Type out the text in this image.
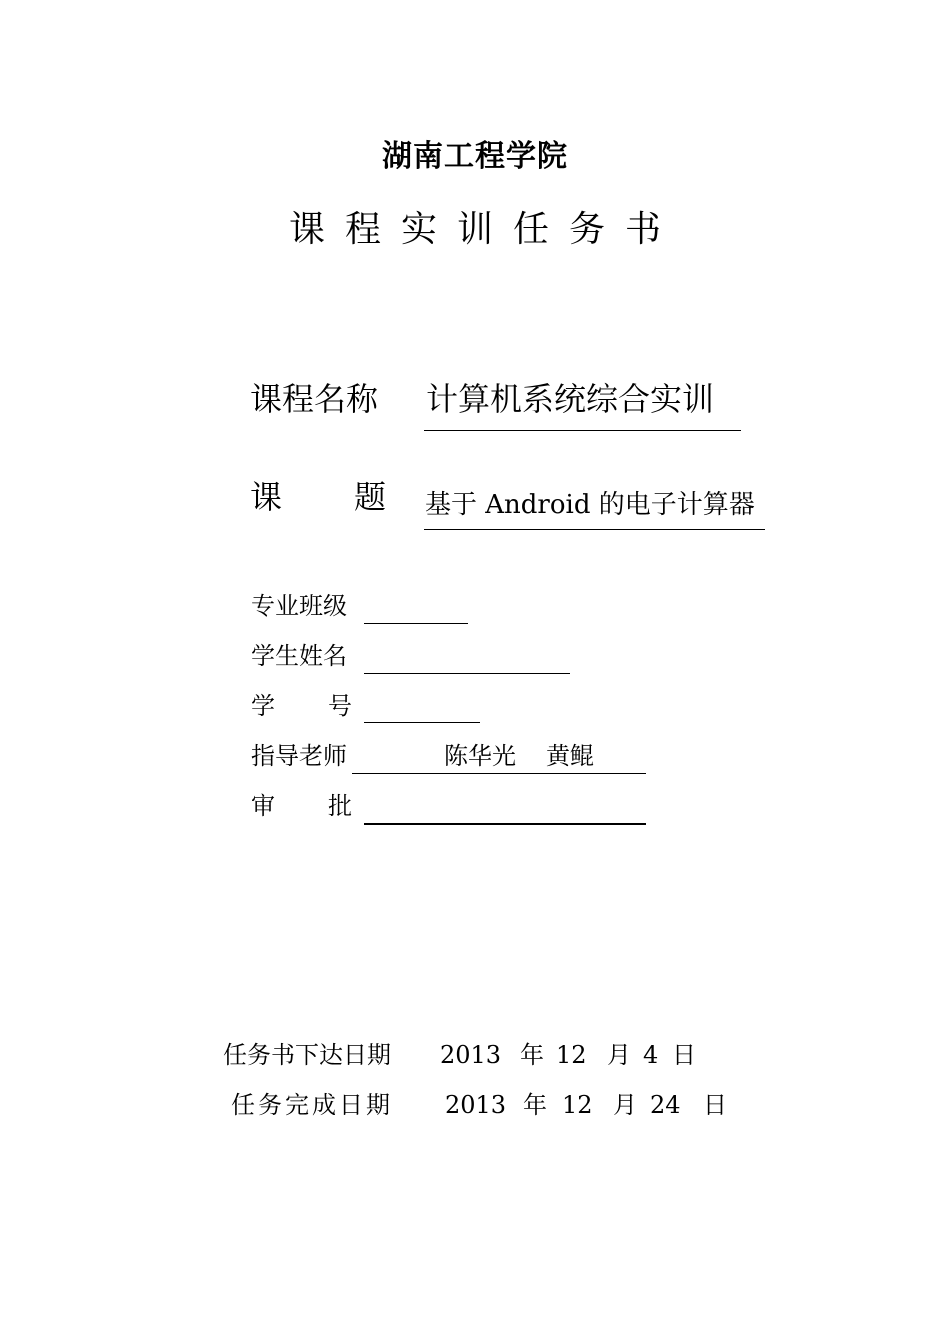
湖南工程学院
课程实训任务书
课程名称 计算机系统综合实训
课 题 基于 Android 的电子计算器
专业班级
学生姓名
学 号
指导老师	陈华光 黄鲲
审 批
任务书下达日期 2013 年 12 月 4 日
任务完成日期 2013 年 12 月 24 日
